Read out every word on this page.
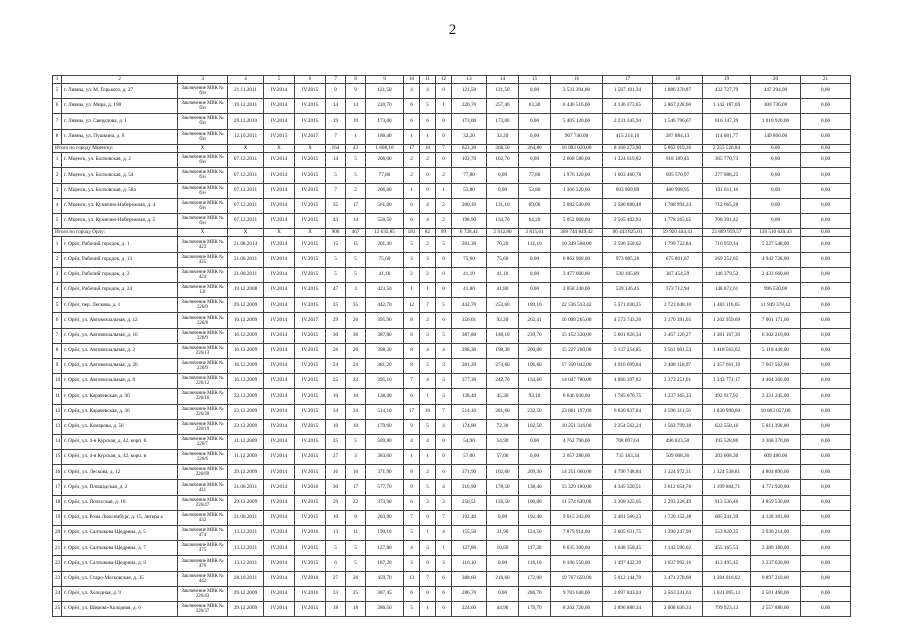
2
1	2	3	4	5	6	7	8	9	10	11	12	13	14	15	16	17	18	19	20	21
5	г. Ливны, ул. М. Горького, д. 27	Заключение МВК № б/н	21.11.2011	IV.2014	IV.2015	9	9	121,50	4	4	0	121,50	121,50	0,00	3 531 394,00	1 567 101,34	1 086 270,87	432 727,79	447 294,00	0,00
6	г. Ливны, ул. Мира, д. 190	Заключение МВК № б/н	19.12.2011	IV.2014	IV.2015	14	14	220,70	6	5	1	320,70	257,40	63,30	8 446 516,00	4 136 373,65	2 867 228,66	1 142 187,69	300 736,00	0,00
7	г. Ливны, ул. Свердлова, д. 1	Заключение МВК № б/н	29.11.2010	IV.2014	IV.2015	19	19	173,00	6	6	0	173,00	173,00	0,00	5 405 120,00	2 231 345,94	1 546 796,67	616 147,39	1 010 920,00	0,00
8	г. Ливны, ул. Пушкина, д. 8	Заключение МВК № б/н	12.10.2011	IV.2015	IV.2017	7	1	186,40	1	1	0	32,20	32,20	0,00	967 740,00	415 214,10	287 884,13	114 681,77	149 860,00	0,00
Итого по городу Мценску:		X	X	X	X	164	43	1 608,10	17	10	7	623,30	368,50	264,80	16 083 020,00	8 168 273,90	5 662 019,26	2 255 526,84	0,00	0,00
1	г. Мценск, ул. Болховская, д. 2	Заключение МВК № б/н	07.12.2011	IV.2014	IV.2015	14	5	206,00	2	2	0	102,70	102,70	0,00	2 608 580,00	1 324 619,82	918 189,45	365 770,73	0,00	0,00
2	г. Мценск, ул. Болховская, д. 54	Заключение МВК № б/н	07.12.2011	IV.2014	IV.2015	5	5	77,80	2	0	2	77,80	0,00	77,80	1 976 120,00	1 003 460,78	695 570,97	277 088,25	0,00	0,00
3	г. Мценск, ул. Болховская, д. 58а	Заключение МВК № б/н	07.12.2011	IV.2014	IV.2015	7	2	206,00	1	0	1	53,80	0,00	53,80	1 366 520,00	693 909,89	480 998,95	191 611,16	0,00	0,00
4	г. Мценск, ул. Кузнечно-Набережная, д. 4	Заключение МВК № б/н	07.12.2011	IV.2014	IV.2015	35	17	561,00	6	4	2	200,10	131,10	69,00	5 082 540,00	2 580 880,48	1 788 994,24	712 665,28	0,00	0,00
5	г. Мценск, ул. Кузнечно-Набережная, д. 5	Заключение МВК № б/н	07.12.2011	IV.2014	IV.2015	43	14	556,50	6	4	2	198,90	134,70	64,20	5 052 060,00	2 565 402,93	1 778 265,65	708 391,42	0,00	0,00
Итого по городу Орлу:		X	X	X	X	906	467	12 635,85	181	82	99	6 728,41	2 912,80	3 815,61	309 744 849,42	96 443 825,01	59 920 444,41	23 869 959,57	139 510 620,43	0,00
1	г. Орёл, Рабочий городок, д. 1	Заключение МВК № 423	21.08.2014	IV.2014	IV.2015	15	15	201,30	5	2	5	201,30	70,20	131,10	10 349 568,00	2 596 358,02	1 799 722,84	716 959,14	5 227 548,00	0,00
2	г. Орёл, Рабочий городок, д. 13	Заключение МВК № 425	31.08.2011	IV.2014	IV.2015	5	5	75,60	3	3	0	75,60	75,60	0,00	6 862 968,00	973 085,28	675 801,87	269 252,85	4 942 728,00	0,00
3	г. Орёл, Рабочий городок, д. 2	Заключение МВК № 424	31.08.2011	IV.2014	IV.2015	5	5	41,10	2	2	0	41,10	41,10	0,00	3 477 600,00	530 105,89	367 454,59	146 379,52	2 433 660,00	0,00
4	г. Орёл, Рабочий городок, д. 24	Заключение МВК № 13г	19.12.2008	IV.2014	IV.2015	47	3	423,50	1	1	0	41,80	41,80	0,00	2 058 240,00	539 136,45	373 712,94	148 872,61	996 520,00	0,00
5	г. Орёл, пер. Лескова, д. 1	Заключение МВК № 226/0	29.12.2009	IV.2014	IV.2015	35	35	442,70	12	7	5	442,70	253,60	189,10	22 536 533,42	5 571 030,25	3 723 048,10	1 483 116,65	11 949 378,42	0,00
6	г. Орёл, ул. Автовокзальная, д. 12	Заключение МВК № 226/8	16.12.2009	IV.2014	IV.2017	29	26	395,90	8	2	6	356,61	92,20	262,41	16 008 265,00	4 573 743,26	3 170 391,05	1 262 959,69	7 001 171,00	0,00
7	г. Орёл, ул. Автовокзальная, д. 16	Заключение МВК № 226/9	16.12.2009	IV.2014	IV.2015	30	30	387,80	8	3	5	387,80	148,10	239,70	15 152 330,00	5 001 826,34	3 467 126,27	1 381 167,39	6 302 210,00	0,00
8	г. Орёл, ул. Автовокзальная, д. 2	Заключение МВК № 226/13	16.12.2009	IV.2014	IV.2015	26	26	398,30	8	4	4	398,30	198,30	200,00	15 227 260,00	5 137 254,85	3 561 001,53	1 418 563,62	5 110 440,00	0,00
9	г. Орёл, ул. Автовокзальная, д. 20	Заключение МВК № 226/9	16.12.2009	IV.2014	IV.2015	24	24	381,20	8	5	3	381,20	274,60	106,60	17 350 042,00	4 916 699,84	3 408 118,97	1 357 661,19	7 667 562,00	0,00
10	г. Орёл, ул. Автовокзальная, д. 8	Заключение МВК № 226/12	16.12.2009	IV.2014	IV.2015	25	23	395,10	7	4	3	377,30	242,70	134,60	14 047 780,00	4 866 397,82	3 373 251,01	1 343 771,17	4 464 360,00	0,00
11	г. Орёл, ул. Карачевская, д. 30	Заключение МВК № 226/16	23.12.2009	IV.2014	IV.2015	10	10	138,40	6	1	3	138,40	45,30	93,10	6 646 030,00	1 785 076,75	1 237 365,33	492 917,92	3 331 245,00	0,00
12	г. Орёл, ул. Карачевская, д. 36	Заключение МВК № 226/20	23.12.2009	IV.2014	IV.2015	34	34	514,10	17	10	7	514,10	281,60	232,50	23 861 197,00	6 630 837,84	4 596 311,56	1 830 990,60	10 803 057,00	0,00
13	г. Орёл, ул. Комарова, д. 56	Заключение МВК № 226/19	23.12.2009	IV.2014	IV.2015	10	10	179,60	9	5	4	174,80	72,30	102,50	10 251 316,00	2 254 562,24	1 562 799,38	622 558,16	5 811 390,00	0,00
14	г. Орёл, ул. 4-я Курская, д. 42, корп. б	Заключение МВК № 226/7	11.12.2009	IV.2014	IV.2015	35	5	509,80	4	4	0	54,90	54,90	0,00	4 762 790,00	708 097,64	490 833,50	195 528,86	3 368 370,00	0,00
15	г. Орёл, ул. 4-я Курская, д. 42, корп. в	Заключение МВК № 226/6	11.12.2009	IV.2014	IV.2015	27	3	383,00	1	1	0	57,00	57,00	0,00	2 057 280,00	735 183,34	509 608,36	203 008,30	609 480,00	0,00
16	г. Орёл, ул. Лескова, д. 12	Заключение МВК № 226/69	29.12.2009	IV.2014	IV.2015	16	16	371,90	8	2	6	371,90	102,60	269,30	14 251 060,00	4 796 748,84	3 324 972,31	1 324 538,81	4 804 890,00	0,00
17	г. Орёл, ул. Площадская, д. 2	Заключение МВК № 411	31.08.2011	IV.2014	IV.2016	30	17	577,70	9	5	4	316,90	178,50	138,40	15 329 180,00	4 345 320,51	3 012 054,78	1 199 884,71	4 771 920,00	0,00
18	г. Орёл, ул. Полесская, д. 18	Заключение МВК № 226/47	29.12.2009	IV.2014	IV.2015	29	22	373,90	6	3	3	256,51	156,50	100,00	11 574 630,00	3 308 325,05	2 293 228,49	913 536,46	4 859 530,00	0,00
19	г. Орёл, ул. Розы Люксембург, д. 15, литера а	Заключение МВК № 432	31.08.2011	IV.2014	IV.2015	10	9	203,90	7	0	7	192,40	0,00	192,40	9 015 343,00	2 481 566,23	1 720 152,38	685 241,39	4 128 383,00	0,00
20	г. Орёл, ул. Салтыкова-Щедрина, д. 5	Заключение МВК № 474	13.12.2011	IV.2014	IV.2016	13	11	190,10	5	1	4	155,50	31,90	124,50	7 879 914,00	2 005 631,75	1 390 247,90	553 820,35	3 930 214,00	0,00
21	г. Орёл, ул. Салтыкова-Щедрина, д. 7	Заключение МВК № 475	13.12.2011	IV.2014	IV.2015	5	5	127,80	4	3	1	127,80	10,60	117,20	6 635 300,00	1 648 358,45	1 142 596,02	455 165,53	3 389 180,00	0,00
22	г. Орёл, ул. Салтыкова-Щедрина, д. 9	Заключение МВК № 476	13.12.2011	IV.2014	IV.2015	6	5	187,20	3	0	3	116,10	0,00	116,10	6 186 550,00	1 497 432,39	1 037 992,16	413 495,45	3 237 630,00	0,00
23	г. Орёл, ул. Старо-Московская, д. 35	Заключение МВК № 442	28.10.2011	IV.2014	IV.2016	27	26	459,70	13	7	6	388,60	216,60	172,00	19 767 650,00	5 012 144,70	3 474 278,68	1 384 016,02	9 897 210,00	0,00
24	г. Орёл, ул. Холодная, д. 9	Заключение МВК № 226/43	29.12.2009	IV.2014	IV.2016	33	25	387,45	6	0	6	286,70	0,00	286,70	9 783 640,00	3 697 843,24	2 563 241,63	1 021 095,13	2 501 460,00	0,00
25	г. Орёл, ул. Широко-Холодная, д. 6	Заключение МВК № 226/37	29.12.2009	IV.2014	IV.2015	18	18	286,50	5	1	6	224,60	44,90	179,70	8 262 720,00	2 896 880,34	2 008 036,33	799 923,13	2 557 880,00	0,00
